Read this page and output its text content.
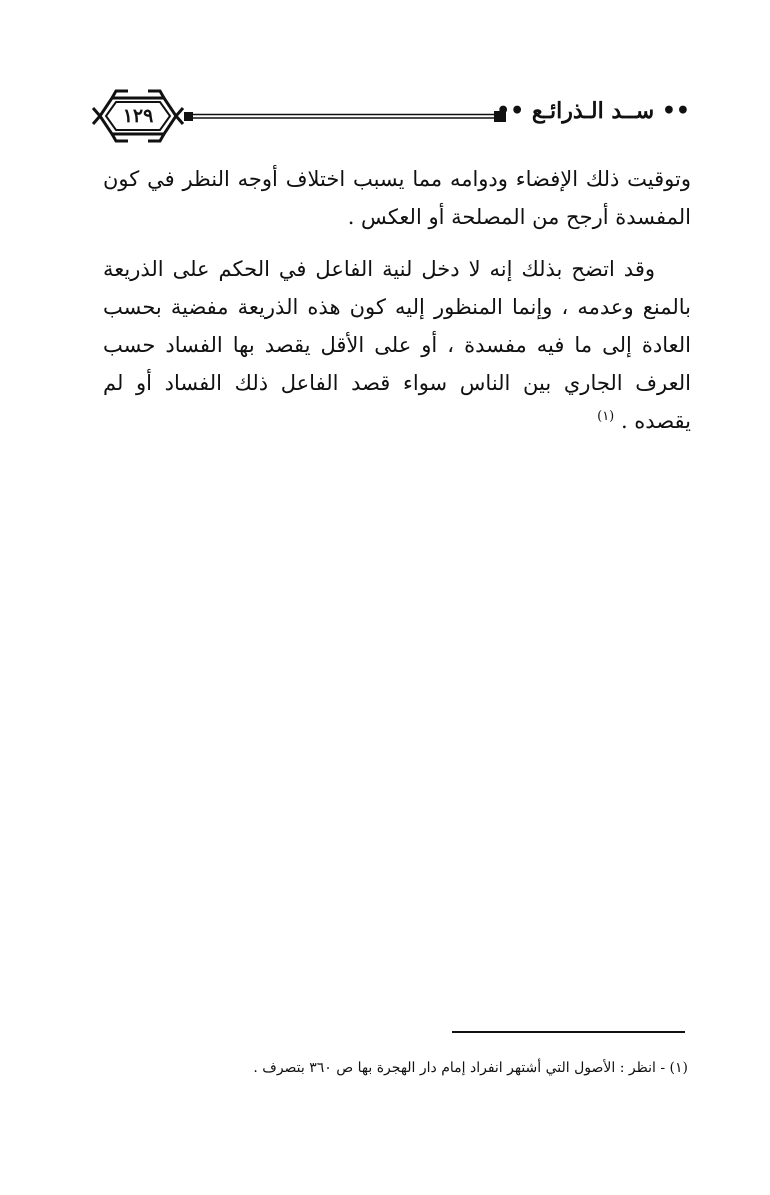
١٢٩	•• ســد الـذرائـع ••

وتوقيت ذلك الإفضاء ودوامه مما يسبب اختلاف أوجه النظر في كون المفسدة أرجح من المصلحة أو العكس .

وقد اتضح بذلك إنه لا دخل لنية الفاعل في الحكم على الذريعة بالمنع وعدمه ، وإنما المنظور إليه كون هذه الذريعة مفضية بحسب العادة إلى ما فيه مفسدة ، أو على الأقل يقصد بها الفساد حسب العرف الجاري بين الناس سواء قصد الفاعل ذلك الفساد أو لم يقصده . $^{(١)}$

(١) - انظر : الأصول التي أشتهر انفراد إمام دار الهجرة بها ص ٣٦٠ بتصرف .
